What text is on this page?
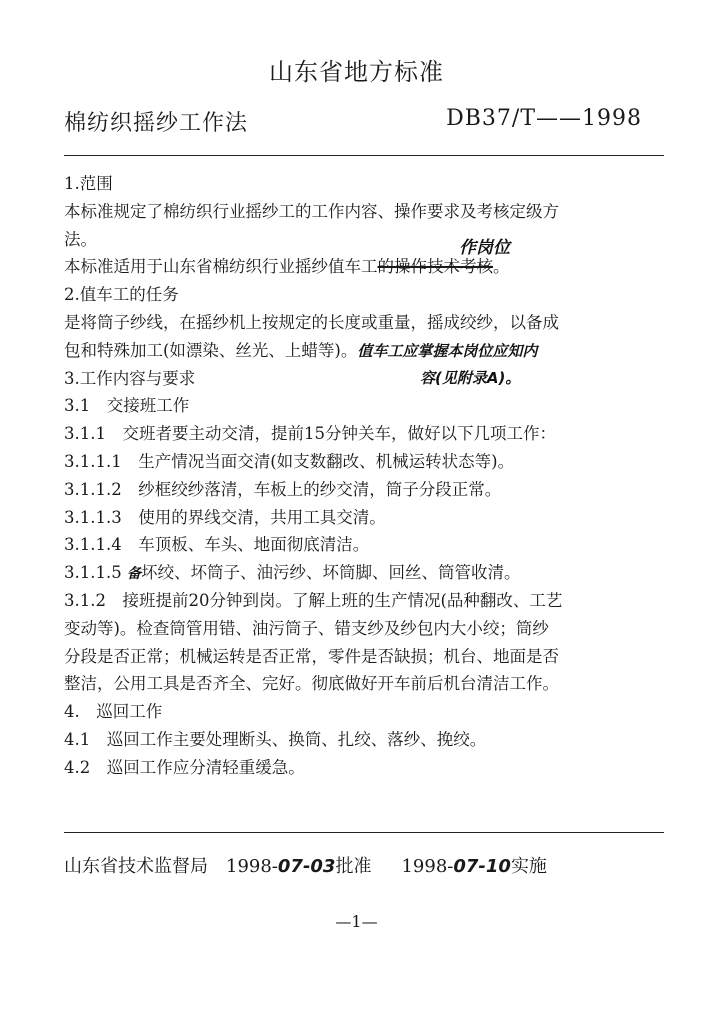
山东省地方标准
棉纺织摇纱工作法	DB37/T——1998
1.范围
本标准规定了棉纺织行业摇纱工的工作内容、操作要求及考核定级方
法。
本标准适用于山东省棉纺织行业摇纱值车工的操作技术考核。
作岗位
2.值车工的任务
是将筒子纱线，在摇纱机上按规定的长度或重量，摇成绞纱，以备成
包和特殊加工(如漂染、丝光、上蜡等)。值车工应掌握本岗位应知内
3.工作内容与要求	容(见附录A)。
3.1　交接班工作
3.1.1　交班者要主动交清，提前15分钟关车，做好以下几项工作：
3.1.1.1　生产情况当面交清(如支数翻改、机械运转状态等)。
3.1.1.2　纱框绞纱落清，车板上的纱交清，筒子分段正常。
3.1.1.3　使用的界线交清，共用工具交清。
3.1.1.4　车顶板、车头、地面彻底清洁。
3.1.1.5 备坏绞、坏筒子、油污纱、坏筒脚、回丝、筒管收清。
3.1.2　接班提前20分钟到岗。了解上班的生产情况(品种翻改、工艺
变动等)。检查筒管用错、油污筒子、错支纱及纱包内大小绞；筒纱
分段是否正常；机械运转是否正常，零件是否缺损；机台、地面是否
整洁，公用工具是否齐全、完好。彻底做好开车前后机台清洁工作。
4.　巡回工作
4.1　巡回工作主要处理断头、换筒、扎绞、落纱、挽绞。
4.2　巡回工作应分清轻重缓急。
山东省技术监督局 1998-07-03批准 1998-07-10实施
—1—
